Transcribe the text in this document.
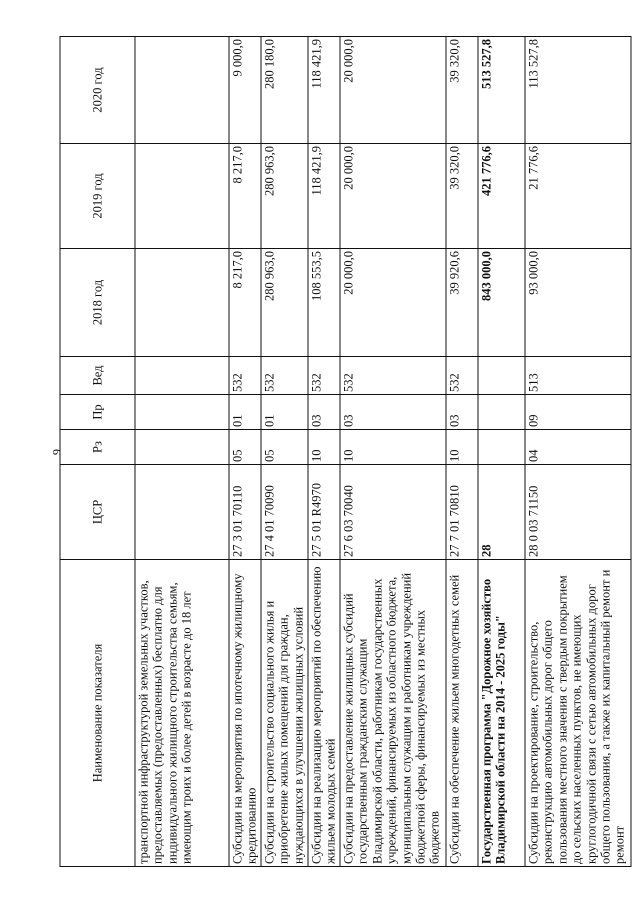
9
Наименование показателя	ЦСР	Рз	Пр	Вед	2018 год	2019 год	2020 год
транспортной инфраструктурой земельных участков, предоставляемых (предоставленных) бесплатно для индивидуального жилищного строительства семьям, имеющим троих и более детей в возрасте до 18 лет							
Субсидии на мероприятия по ипотечному жилищному кредитованию	27 3 01 70110	05	01	532	8 217,0	8 217,0	9 000,0
Субсидии на строительство социального жилья и приобретение жилых помещений для граждан, нуждающихся в улучшении жилищных условий	27 4 01 70090	05	01	532	280 963,0	280 963,0	280 180,0
Субсидии на реализацию мероприятий по обеспечению жильем молодых семей	27 5 01 R4970	10	03	532	108 553,5	118 421,9	118 421,9
Субсидии на предоставление жилищных субсидий государственным гражданским служащим Владимирской области, работникам государственных учреждений, финансируемых из областного бюджета, муниципальным служащим и работникам учреждений бюджетной сферы, финансируемых из местных бюджетов	27 6 03 70040	10	03	532	20 000,0	20 000,0	20 000,0
Субсидии на обеспечение жильем многодетных семей	27 7 01 70810	10	03	532	39 920,6	39 320,0	39 320,0
Государственная программа "Дорожное хозяйство Владимирской области на 2014 - 2025 годы"	28				843 000,0	421 776,6	513 527,8
Субсидии на проектирование, строительство, реконструкцию автомобильных дорог общего пользования местного значения с твердым покрытием до сельских населенных пунктов, не имеющих круглогодичной связи с сетью автомобильных дорог общего пользования, а также их капитальный ремонт и ремонт	28 0 03 71150	04	09	513	93 000,0	21 776,6	113 527,8
